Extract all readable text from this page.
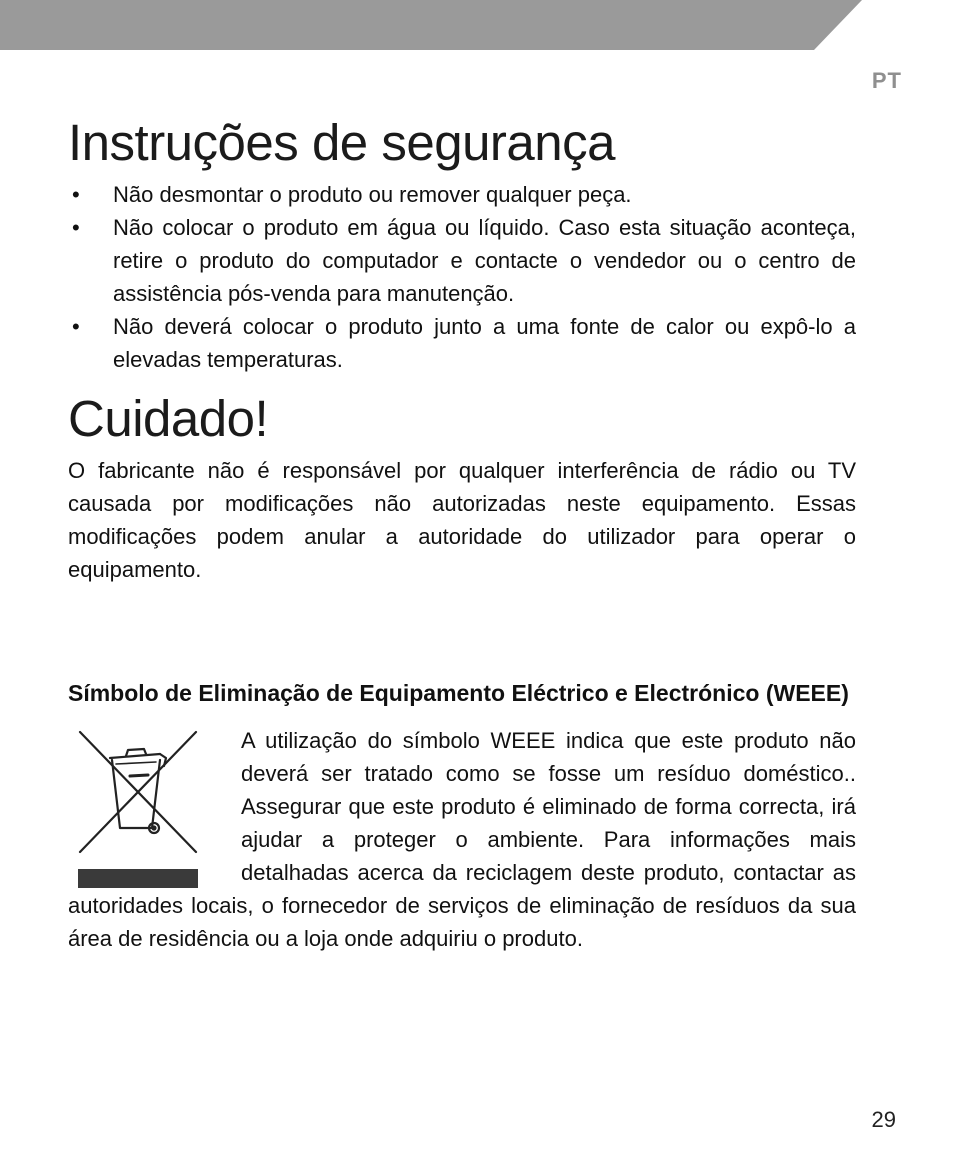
PT
Instruções de segurança
• Não desmontar o produto ou remover qualquer peça.
• Não colocar o produto em água ou líquido. Caso esta situação aconteça, retire o produto do computador e contacte o vendedor ou o centro de assistência pós-venda para manutenção.
• Não deverá colocar o produto junto a uma fonte de calor ou expô-lo a elevadas temperaturas.
Cuidado!

O fabricante não é responsável por qualquer interferência de rádio ou TV causada por modificações não autorizadas neste equipamento. Essas modificações podem anular a autoridade do utilizador para operar o equipamento.

Símbolo de Eliminação de Equipamento Eléctrico e Electrónico (WEEE)

A utilização do símbolo WEEE indica que este produto não deverá ser tratado como se fosse um resíduo doméstico.. Assegurar que este produto é eliminado de forma correcta, irá ajudar a proteger o ambiente. Para informações mais detalhadas acerca da reciclagem deste produto, contactar as autoridades locais, o fornecedor de serviços de eliminação de resíduos da sua área de residência ou a loja onde adquiriu o produto.

29
